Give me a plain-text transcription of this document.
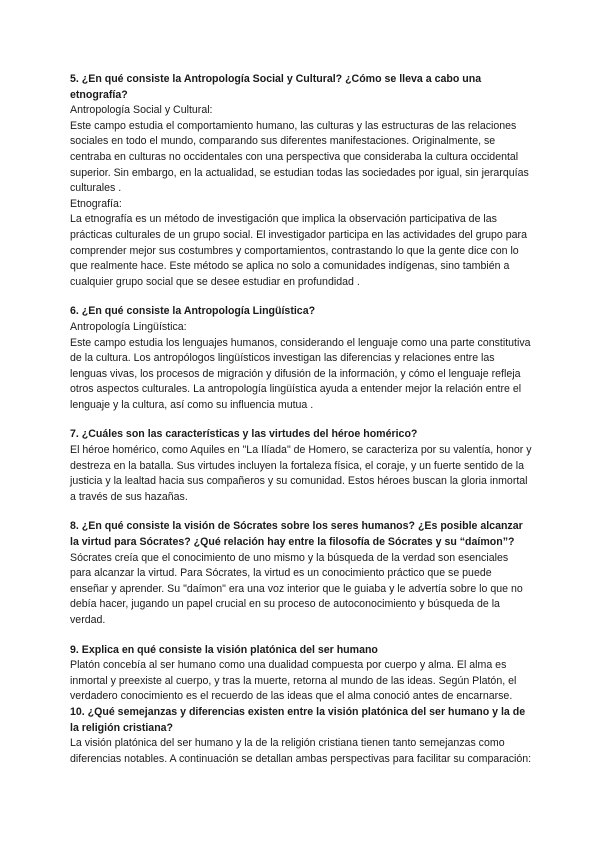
5. ¿En qué consiste la Antropología Social y Cultural? ¿Cómo se lleva a cabo una etnografía?

Antropología Social y Cultural:

Este campo estudia el comportamiento humano, las culturas y las estructuras de las relaciones sociales en todo el mundo, comparando sus diferentes manifestaciones. Originalmente, se centraba en culturas no occidentales con una perspectiva que consideraba la cultura occidental superior. Sin embargo, en la actualidad, se estudian todas las sociedades por igual, sin jerarquías culturales .

Etnografía:

La etnografía es un método de investigación que implica la observación participativa de las prácticas culturales de un grupo social. El investigador participa en las actividades del grupo para comprender mejor sus costumbres y comportamientos, contrastando lo que la gente dice con lo que realmente hace. Este método se aplica no solo a comunidades indígenas, sino también a cualquier grupo social que se desee estudiar en profundidad .

6. ¿En qué consiste la Antropología Lingüística?

Antropología Lingüística:

Este campo estudia los lenguajes humanos, considerando el lenguaje como una parte constitutiva de la cultura. Los antropólogos lingüísticos investigan las diferencias y relaciones entre las lenguas vivas, los procesos de migración y difusión de la información, y cómo el lenguaje refleja otros aspectos culturales. La antropología lingüística ayuda a entender mejor la relación entre el lenguaje y la cultura, así como su influencia mutua .

7. ¿Cuáles son las características y las virtudes del héroe homérico?

El héroe homérico, como Aquiles en "La Ilíada" de Homero, se caracteriza por su valentía, honor y destreza en la batalla. Sus virtudes incluyen la fortaleza física, el coraje, y un fuerte sentido de la justicia y la lealtad hacia sus compañeros y su comunidad. Estos héroes buscan la gloria inmortal a través de sus hazañas.

8. ¿En qué consiste la visión de Sócrates sobre los seres humanos? ¿Es posible alcanzar la virtud para Sócrates? ¿Qué relación hay entre la filosofía de Sócrates y su “daímon”?

Sócrates creía que el conocimiento de uno mismo y la búsqueda de la verdad son esenciales para alcanzar la virtud. Para Sócrates, la virtud es un conocimiento práctico que se puede enseñar y aprender. Su "daímon" era una voz interior que le guiaba y le advertía sobre lo que no debía hacer, jugando un papel crucial en su proceso de autoconocimiento y búsqueda de la verdad.

9. Explica en qué consiste la visión platónica del ser humano

Platón concebía al ser humano como una dualidad compuesta por cuerpo y alma. El alma es inmortal y preexiste al cuerpo, y tras la muerte, retorna al mundo de las ideas. Según Platón, el verdadero conocimiento es el recuerdo de las ideas que el alma conoció antes de encarnarse.

10. ¿Qué semejanzas y diferencias existen entre la visión platónica del ser humano y la de la religión cristiana?

La visión platónica del ser humano y la de la religión cristiana tienen tanto semejanzas como diferencias notables. A continuación se detallan ambas perspectivas para facilitar su comparación:
